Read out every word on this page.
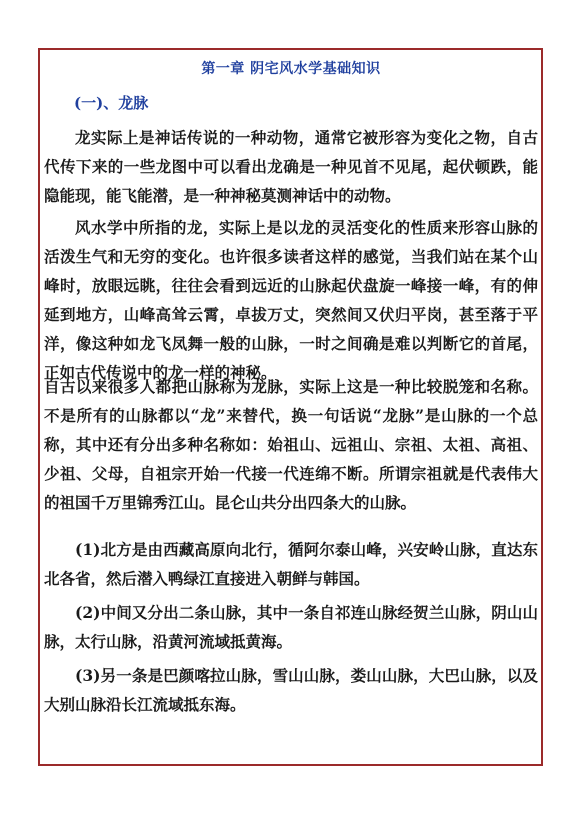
第一章 阴宅风水学基础知识
(一)、龙脉

龙实际上是神话传说的一种动物，通常它被形容为变化之物，自古代传下来的一些龙图中可以看出龙确是一种见首不见尾，起伏顿跌，能隐能现，能飞能潜，是一种神秘莫测神话中的动物。

风水学中所指的龙，实际上是以龙的灵活变化的性质来形容山脉的活泼生气和无穷的变化。也许很多读者这样的感觉，当我们站在某个山峰时，放眼远眺，往往会看到远近的山脉起伏盘旋一峰接一峰，有的伸延到地方，山峰高耸云霄，卓拔万丈，突然间又伏归平岗，甚至落于平洋，像这种如龙飞凤舞一般的山脉，一时之间确是难以判断它的首尾，正如古代传说中的龙一样的神秘。

自古以来很多人都把山脉称为龙脉，实际上这是一种比较脱笼和名称。不是所有的山脉都以“龙”来替代，换一句话说“龙脉”是山脉的一个总称，其中还有分出多种名称如：始祖山、远祖山、宗祖、太祖、高祖、少祖、父母，自祖宗开始一代接一代连绵不断。所谓宗祖就是代表伟大的祖国千万里锦秀江山。昆仑山共分出四条大的山脉。

(1)北方是由西藏高原向北行，循阿尔泰山峰，兴安岭山脉，直达东北各省，然后潜入鸭绿江直接进入朝鲜与韩国。

(2)中间又分出二条山脉，其中一条自祁连山脉经贺兰山脉，阴山山脉，太行山脉，沿黄河流域抵黄海。

(3)另一条是巴颜喀拉山脉，雪山山脉，娄山山脉，大巴山脉，以及大别山脉沿长江流域抵东海。
